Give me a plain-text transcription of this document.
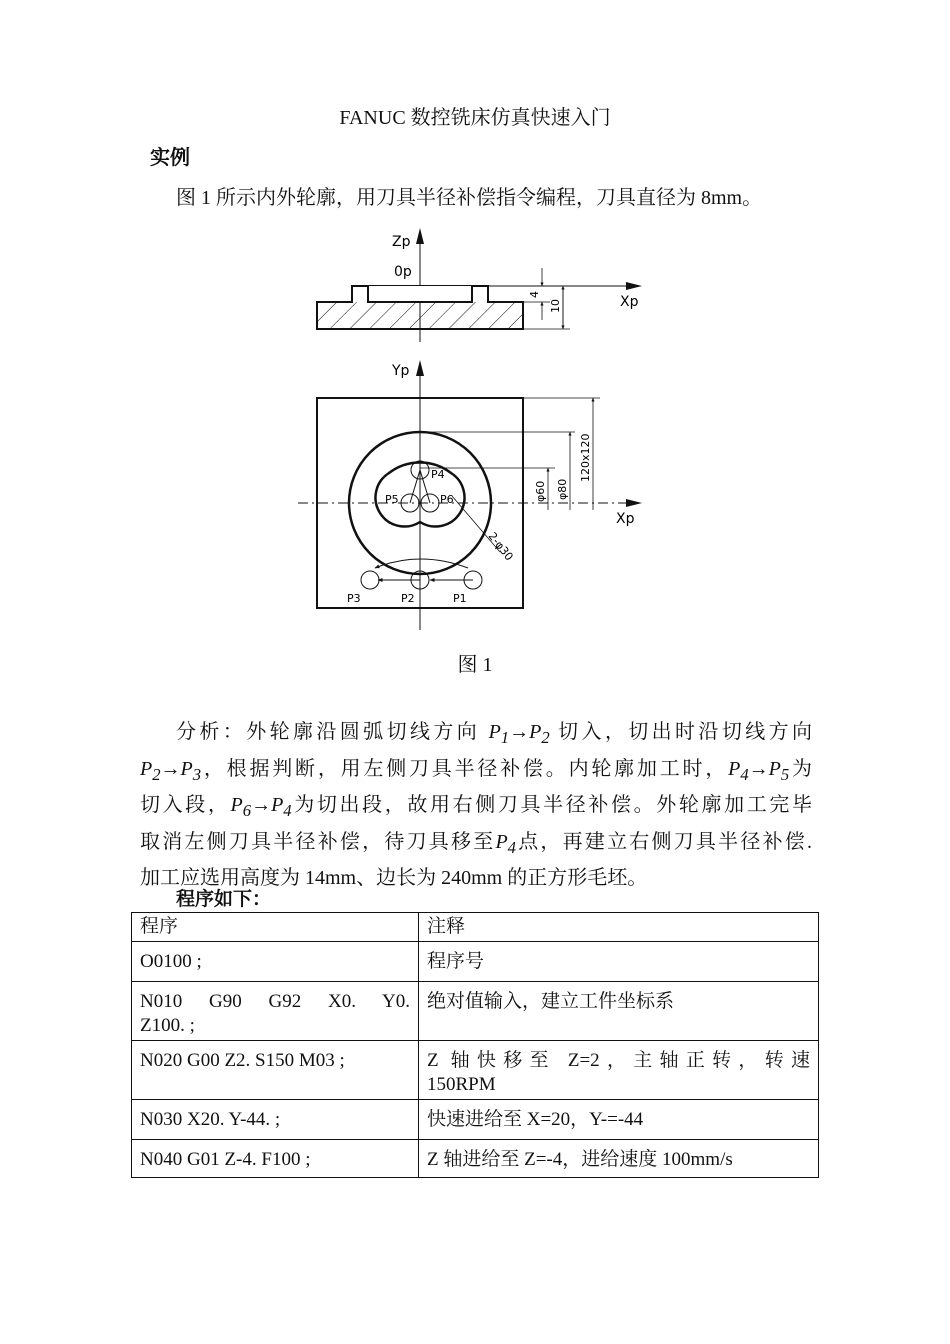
FANUC 数控铣床仿真快速入门
实例
图 1 所示内外轮廓，用刀具半径补偿指令编程，刀具直径为 8mm。
Zp
0p
Xp
4
10
Yp
Xp
P4
P5	P6
P3	P2	P1
2-φ30
φ60 φ80
120x120
图 1
分析：外轮廓沿圆弧切线方向 $P_1\to P_2$ 切入，切出时沿切线方向
$P_2\to P_3$，根据判断，用左侧刀具半径补偿。内轮廓加工时，$P_4\to P_5$为
切入段，$P_6\to P_4$为切出段，故用右侧刀具半径补偿。外轮廓加工完毕
取消左侧刀具半径补偿，待刀具移至$P_4$点，再建立右侧刀具半径补偿.
加工应选用高度为 14mm、边长为 240mm 的正方形毛坯。
程序如下：
程序	注释
O0100 ;	程序号

N010 G90 G92 X0. Y0.
Z100. ;	绝对值输入，建立工件坐标系
N020 G00 Z2. S150 M03 ;	Z 轴快移至 Z=2，主轴正转，转速
150RPM
N030 X20. Y-44. ;	快速进给至 X=20，Y-=-44
N040 G01 Z-4. F100 ;	Z 轴进给至 Z=-4，进给速度 100mm/s
